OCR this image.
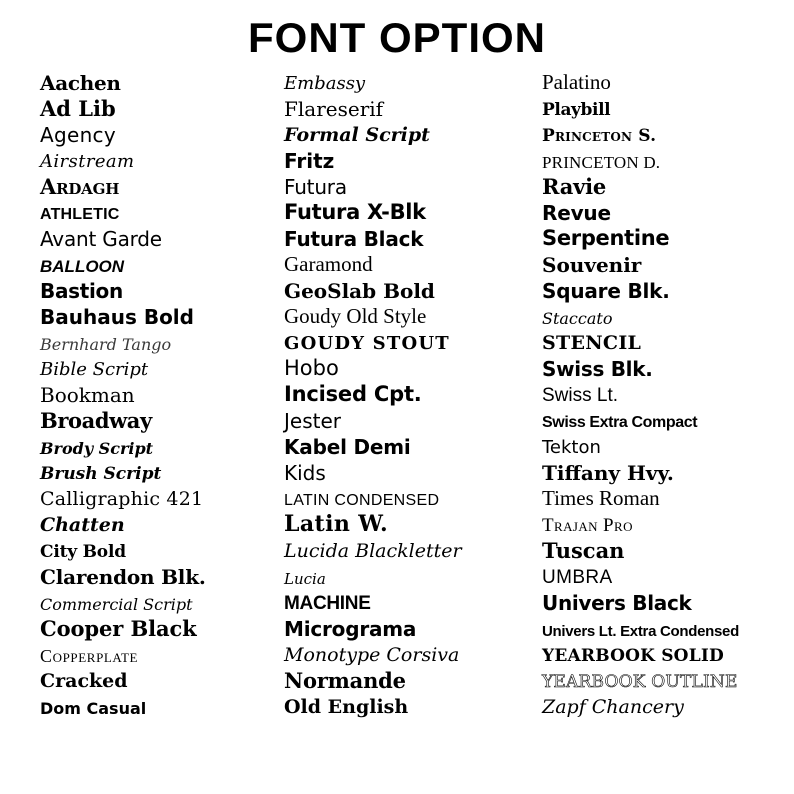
FONT OPTION
Aachen
Ad Lib
Agency
Airstream
Ardagh
ATHLETIC
Avant Garde
BALLOON
Bastion
Bauhaus Bold
Bernhard Tango
Bible Script
Bookman
Broadway
Brody Script
Brush Script
Calligraphic 421
Chatten
City Bold
Clarendon Blk.
Commercial Script
Cooper Black
Copperplate
Cracked
Dom Casual
Embassy
Flareserif
Formal Script
Fritz
Futura
Futura X-Blk
Futura Black
Garamond
GeoSlab Bold
Goudy Old Style
GOUDY STOUT
Hobo
Incised Cpt.
Jester
Kabel Demi
Kids
LATIN CONDENSED
Latin W.
Lucida Blackletter
Lucia
MACHINE
Micrograma
Monotype Corsiva
Normande
Old English
Palatino
Playbill
Princeton S.
PRINCETON D.
Ravie
Revue
Serpentine
Souvenir
Square Blk.
Staccato
STENCIL
Swiss Blk.
Swiss Lt.
Swiss Extra Compact
Tekton
Tiffany Hvy.
Times Roman
Trajan Pro
Tuscan
UMBRA
Univers Black
Univers Lt. Extra Condensed
YEARBOOK SOLID
YEARBOOK OUTLINE
Zapf Chancery
